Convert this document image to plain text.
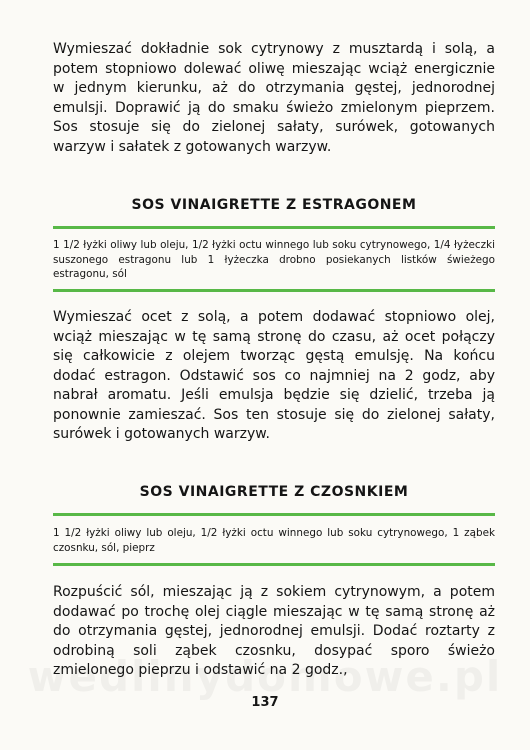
Wymieszać dokładnie sok cytrynowy z musztardą i solą, a potem stopniowo dolewać oliwę mieszając wciąż energicznie w jednym kierunku, aż do otrzymania gęstej, jednorodnej emulsji. Doprawić ją do smaku świeżo zmielonym pieprzem. Sos stosuje się do zielonej sałaty, surówek, gotowanych warzyw i sałatek z gotowanych warzyw.

SOS VINAIGRETTE Z ESTRAGONEM

1 1/2 łyżki oliwy lub oleju, 1/2 łyżki octu winnego lub soku cytrynowego, 1/4 łyżeczki suszonego estragonu lub 1 łyżeczka drobno posiekanych listków świeżego estragonu, sól

Wymieszać ocet z solą, a potem dodawać stopniowo olej, wciąż mieszając w tę samą stronę do czasu, aż ocet połączy się całkowicie z olejem tworząc gęstą emulsję. Na końcu dodać estragon. Odstawić sos co najmniej na 2 godz, aby nabrał aromatu. Jeśli emulsja będzie się dzielić, trzeba ją ponownie zamieszać. Sos ten stosuje się do zielonej sałaty, surówek i gotowanych warzyw.

SOS VINAIGRETTE Z CZOSNKIEM

1 1/2 łyżki oliwy lub oleju, 1/2 łyżki octu winnego lub soku cytrynowego, 1 ząbek czosnku, sól, pieprz

Rozpuścić sól, mieszając ją z sokiem cytrynowym, a potem dodawać po trochę olej ciągle mieszając w tę samą stronę aż do otrzymania gęstej, jednorodnej emulsji. Dodać roztarty z odrobiną soli ząbek czosnku, dosypać sporo świeżo zmielonego pieprzu i odstawić na 2 godz.,

137
